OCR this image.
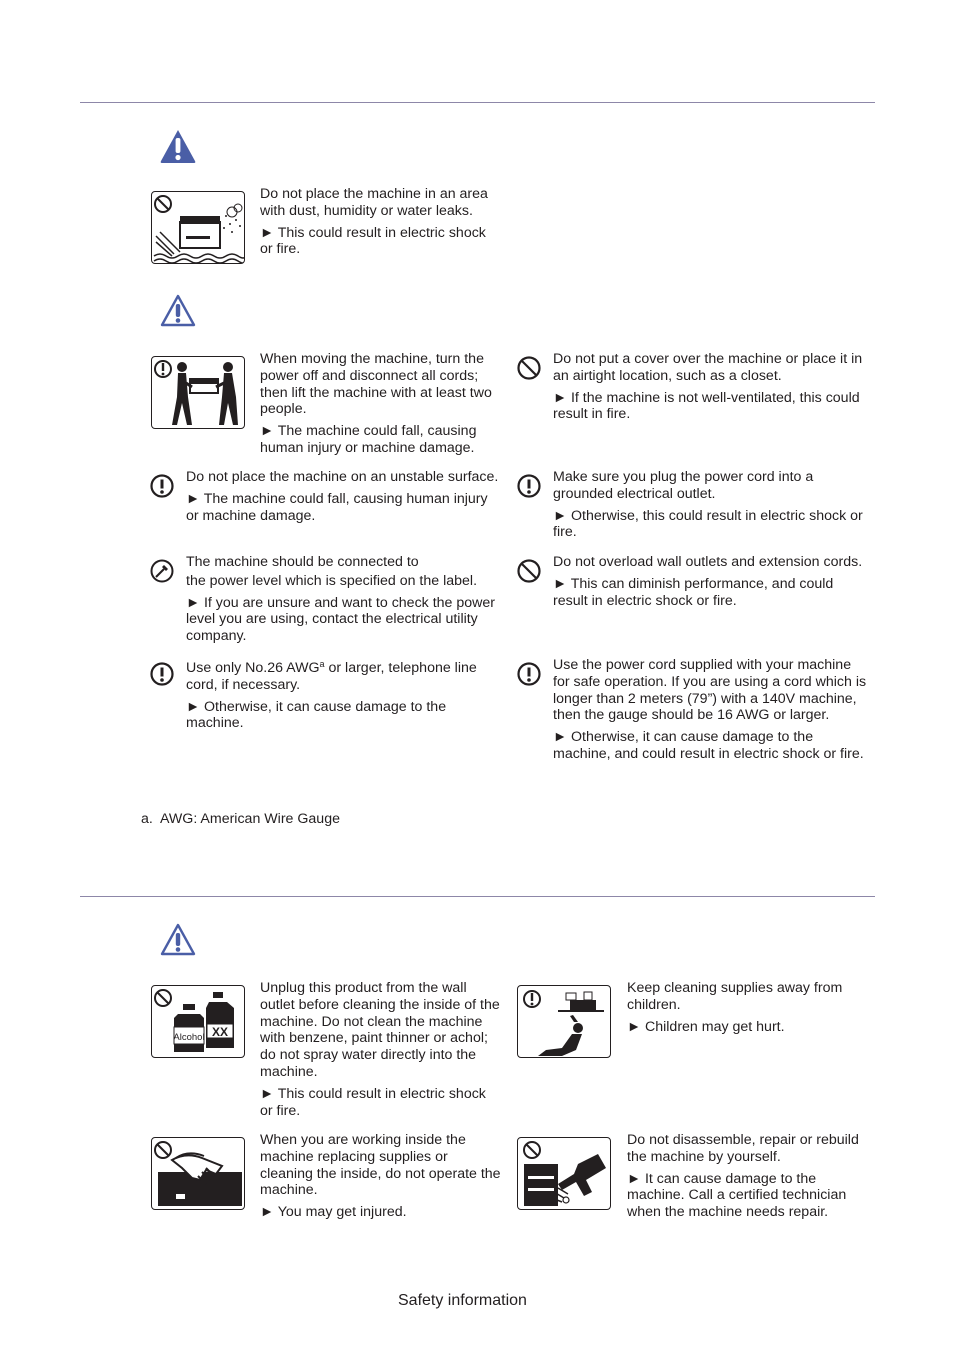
Do not place the machine in an area with dust, humidity or water leaks.

► This could result in electric shock or fire.

When moving the machine, turn the power off and disconnect all cords; then lift the machine with at least two people.

► The machine could fall, causing human injury or machine damage.

Do not put a cover over the machine or place it in an airtight location, such as a closet.

► If the machine is not well-ventilated, this could result in fire.

Do not place the machine on an unstable surface.

► The machine could fall, causing human injury or machine damage.

Make sure you plug the power cord into a grounded electrical outlet.

► Otherwise, this could result in electric shock or fire.

The machine should be connected to

the power level which is specified on the label.

► If you are unsure and want to check the power level you are using, contact the electrical utility company.

Do not overload wall outlets and extension cords.

► This can diminish performance, and could result in electric shock or fire.

Use only No.26 AWG$^a$ or larger, telephone line cord, if necessary.

► Otherwise, it can cause damage to the machine.

Use the power cord supplied with your machine for safe operation. If you are using a cord which is longer than 2 meters (79”) with a 140V machine, then the gauge should be 16 AWG or larger.

► Otherwise, it can cause damage to the machine, and could result in electric shock or fire.

a. AWG: American Wire Gauge
Alcohol XX

Unplug this product from the wall outlet before cleaning the inside of the machine. Do not clean the machine with benzene, paint thinner or achol; do not spray water directly into the machine.

► This could result in electric shock or fire.

Keep cleaning supplies away from children.

► Children may get hurt.

When you are working inside the machine replacing supplies or cleaning the inside, do not operate the machine.

► You may get injured.

Do not disassemble, repair or rebuild the machine by yourself.

► It can cause damage to the machine. Call a certified technician when the machine needs repair.

Safety information
